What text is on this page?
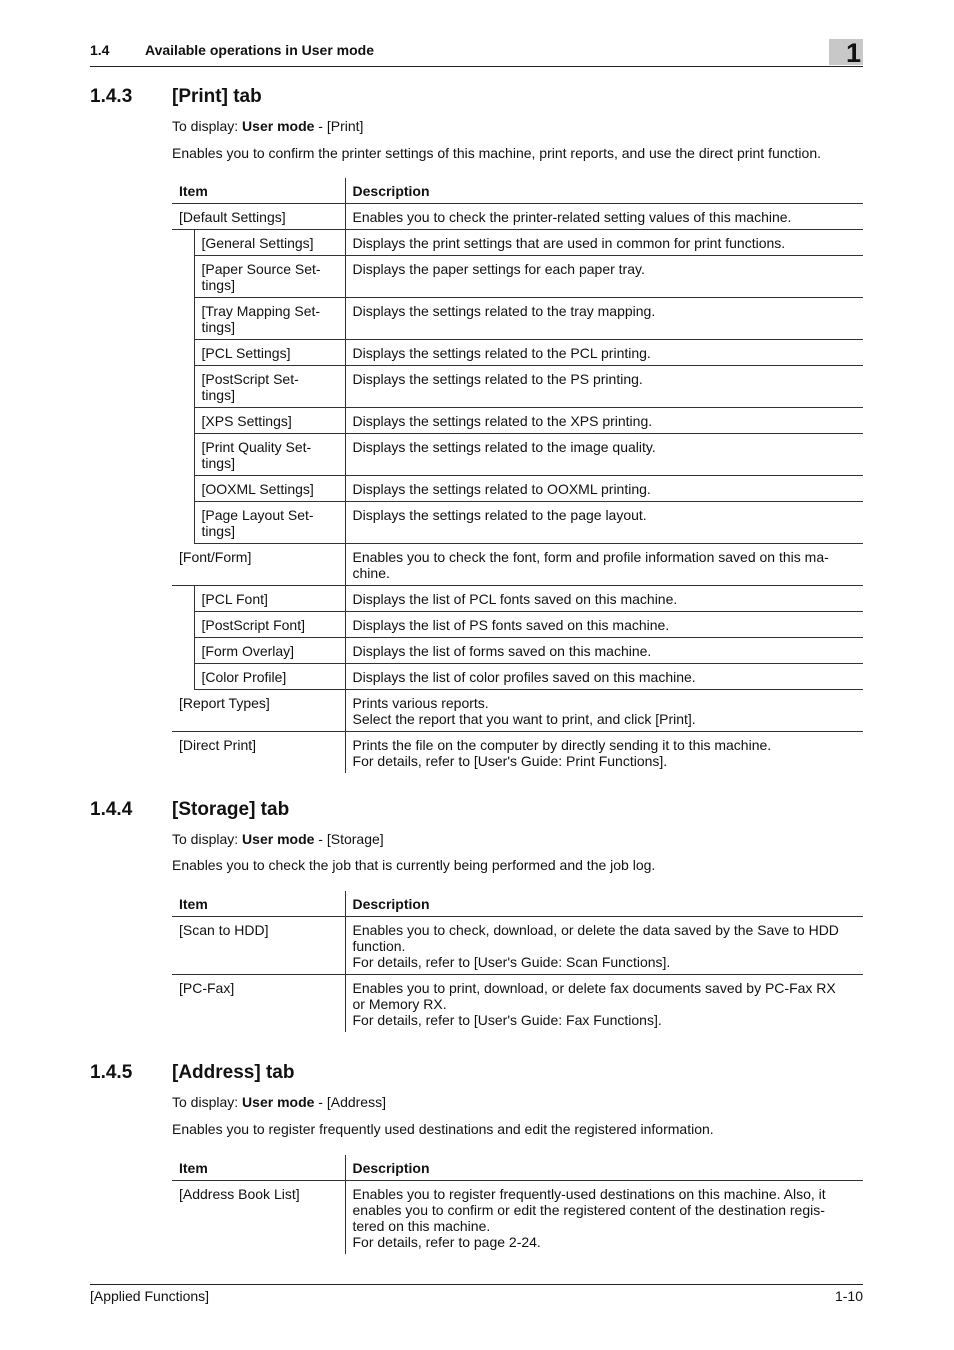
1.4	Available operations in User mode	1
1.4.3 [Print] tab
To display: User mode - [Print]
Enables you to confirm the printer settings of this machine, print reports, and use the direct print function.
Item		Description
[Default Settings]		Enables you to check the printer-related setting values of this machine.
	[General Settings]	Displays the print settings that are used in common for print functions.
	[Paper Source Set-
tings]	Displays the paper settings for each paper tray.
	[Tray Mapping Set-
tings]	Displays the settings related to the tray mapping.
	[PCL Settings]	Displays the settings related to the PCL printing.
	[PostScript Set-
tings]	Displays the settings related to the PS printing.
	[XPS Settings]	Displays the settings related to the XPS printing.
	[Print Quality Set-
tings]	Displays the settings related to the image quality.
	[OOXML Settings]	Displays the settings related to OOXML printing.
	[Page Layout Set-
tings]	Displays the settings related to the page layout.
[Font/Form]		Enables you to check the font, form and profile information saved on this ma-
chine.
	[PCL Font]	Displays the list of PCL fonts saved on this machine.
	[PostScript Font]	Displays the list of PS fonts saved on this machine.
	[Form Overlay]	Displays the list of forms saved on this machine.
	[Color Profile]	Displays the list of color profiles saved on this machine.
[Report Types]		Prints various reports.
Select the report that you want to print, and click [Print].
[Direct Print]		Prints the file on the computer by directly sending it to this machine.
For details, refer to [User's Guide: Print Functions].
1.4.4 [Storage] tab
To display: User mode - [Storage]
Enables you to check the job that is currently being performed and the job log.
Item	Description
[Scan to HDD]	Enables you to check, download, or delete the data saved by the Save to HDD
function.
For details, refer to [User's Guide: Scan Functions].
[PC-Fax]	Enables you to print, download, or delete fax documents saved by PC-Fax RX
or Memory RX.
For details, refer to [User's Guide: Fax Functions].
1.4.5 [Address] tab
To display: User mode - [Address]
Enables you to register frequently used destinations and edit the registered information.
Item	Description
[Address Book List]	Enables you to register frequently-used destinations on this machine. Also, it
enables you to confirm or edit the registered content of the destination regis-
tered on this machine.
For details, refer to page 2-24.
[Applied Functions]	1-10
